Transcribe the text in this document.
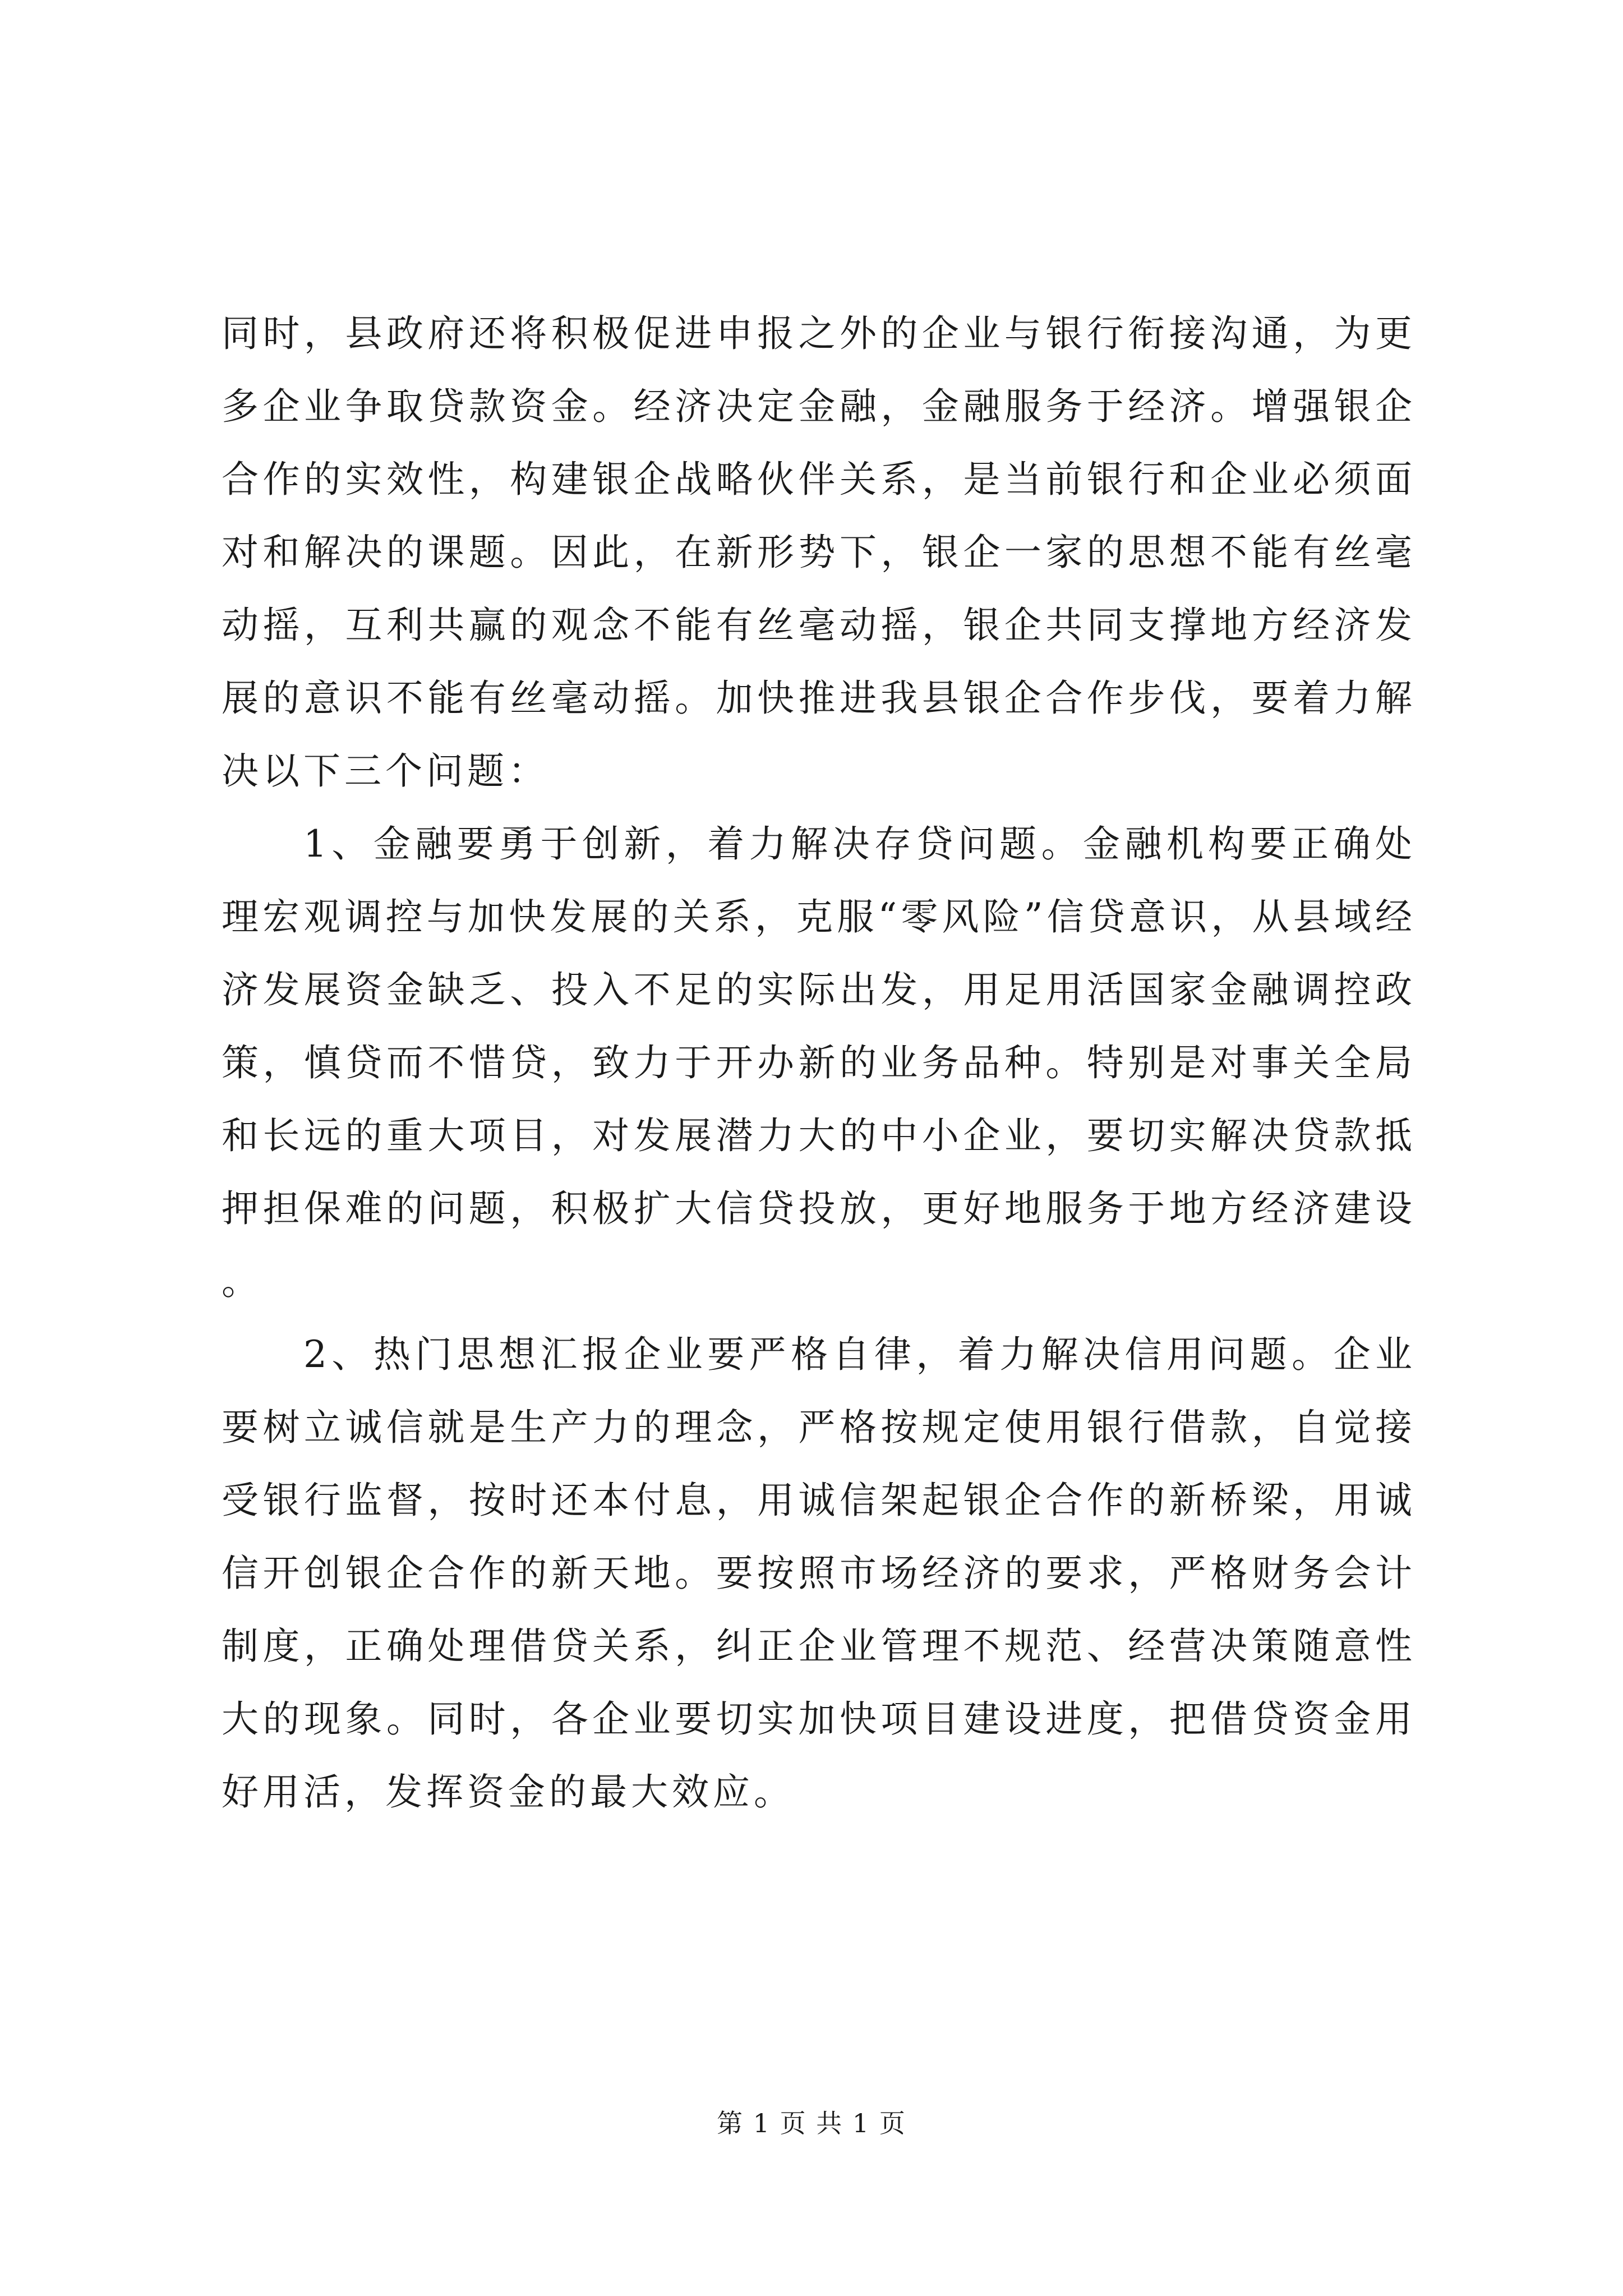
同时，县政府还将积极促进申报之外的企业与银行衔接沟通，为更多企业争取贷款资金。经济决定金融，金融服务于经济。增强银企合作的实效性，构建银企战略伙伴关系，是当前银行和企业必须面对和解决的课题。因此，在新形势下，银企一家的思想不能有丝毫动摇，互利共赢的观念不能有丝毫动摇，银企共同支撑地方经济发展的意识不能有丝毫动摇。加快推进我县银企合作步伐，要着力解决以下三个问题：

1、金融要勇于创新，着力解决存贷问题。金融机构要正确处理宏观调控与加快发展的关系，克服“零风险”信贷意识，从县域经济发展资金缺乏、投入不足的实际出发，用足用活国家金融调控政策，慎贷而不惜贷，致力于开办新的业务品种。特别是对事关全局和长远的重大项目，对发展潜力大的中小企业，要切实解决贷款抵押担保难的问题，积极扩大信贷投放，更好地服务于地方经济建设。

2、热门思想汇报企业要严格自律，着力解决信用问题。企业要树立诚信就是生产力的理念，严格按规定使用银行借款，自觉接受银行监督，按时还本付息，用诚信架起银企合作的新桥梁，用诚信开创银企合作的新天地。要按照市场经济的要求，严格财务会计制度，正确处理借贷关系，纠正企业管理不规范、经营决策随意性大的现象。同时，各企业要切实加快项目建设进度，把借贷资金用好用活，发挥资金的最大效应。

第 1 页 共 1 页
